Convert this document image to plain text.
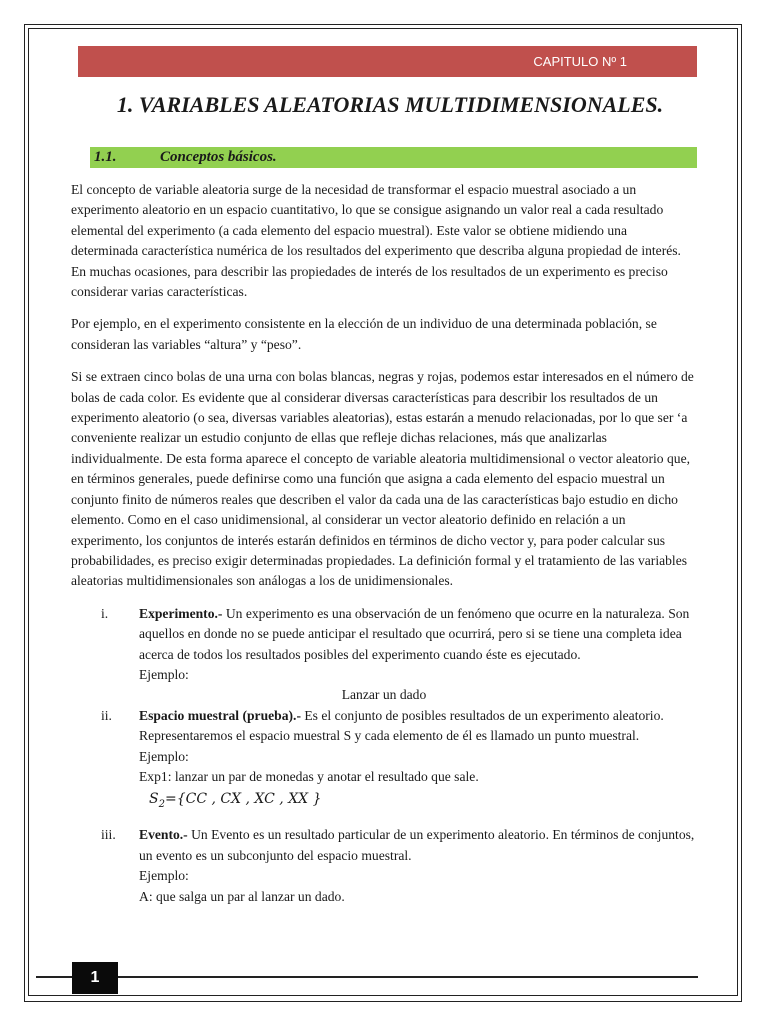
CAPITULO Nº 1
1. VARIABLES ALEATORIAS MULTIDIMENSIONALES.
1.1.	Conceptos básicos.

El concepto de variable aleatoria surge de la necesidad de transformar el espacio muestral asociado a un experimento aleatorio en un espacio cuantitativo, lo que se consigue asignando un valor real a cada resultado elemental del experimento (a cada elemento del espacio muestral). Este valor se obtiene midiendo una determinada característica numérica de los resultados del experimento que describa alguna propiedad de interés. En muchas ocasiones, para describir las propiedades de interés de los resultados de un experimento es preciso considerar varias características.

Por ejemplo, en el experimento consistente en la elección de un individuo de una determinada población, se consideran las variables “altura” y “peso”.

Si se extraen cinco bolas de una urna con bolas blancas, negras y rojas, podemos estar interesados en el número de bolas de cada color. Es evidente que al considerar diversas características para describir los resultados de un experimento aleatorio (o sea, diversas variables aleatorias), estas estarán a menudo relacionadas, por lo que ser ‘a conveniente realizar un estudio conjunto de ellas que refleje dichas relaciones, más que analizarlas individualmente. De esta forma aparece el concepto de variable aleatoria multidimensional o vector aleatorio que, en términos generales, puede definirse como una función que asigna a cada elemento del espacio muestral un conjunto finito de números reales que describen el valor da cada una de las características bajo estudio en dicho elemento. Como en el caso unidimensional, al considerar un vector aleatorio definido en relación a un experimento, los conjuntos de interés estarán definidos en términos de dicho vector y, para poder calcular sus probabilidades, es preciso exigir determinadas propiedades. La definición formal y el tratamiento de las variables aleatorias multidimensionales son análogas a los de unidimensionales.

i.	Experimento.- Un experimento es una observación de un fenómeno que ocurre en la naturaleza. Son aquellos en donde no se puede anticipar el resultado que ocurrirá, pero si se tiene una completa idea acerca de todos los resultados posibles del experimento cuando éste es ejecutado.
Ejemplo:
Lanzar un dado
ii.	Espacio muestral (prueba).- Es el conjunto de posibles resultados de un experimento aleatorio. Representaremos el espacio muestral S y cada elemento de él es llamado un punto muestral.
Ejemplo:
Exp1: lanzar un par de monedas y anotar el resultado que sale.
$S_2=\{CC$ , CX , XC , XX }
iii.	Evento.- Un Evento es un resultado particular de un experimento aleatorio. En términos de conjuntos, un evento es un subconjunto del espacio muestral.
Ejemplo:
A: que salga un par al lanzar un dado.
1
